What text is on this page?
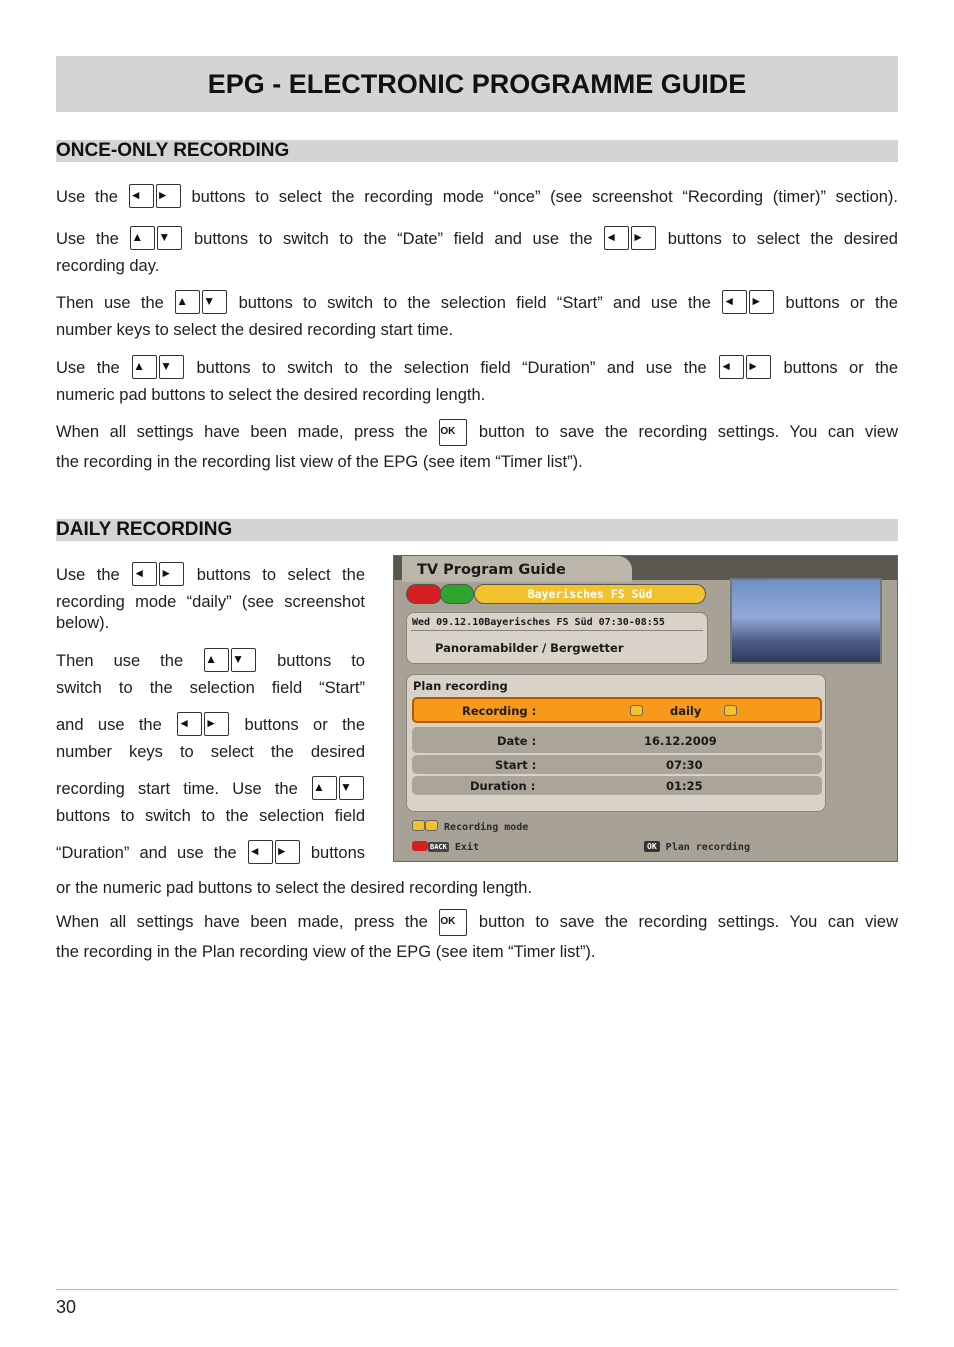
EPG - ELECTRONIC PROGRAMME GUIDE
ONCE-ONLY RECORDING
Use the ◄ ► buttons to select the recording mode “once” (see screenshot “Recording (timer)” section).
Use the ▲ ▼ buttons to switch to the “Date” field and use the ◄ ► buttons to select the desired
recording day.
Then use the ▲ ▼ buttons to switch to the selection field “Start” and use the ◄ ► buttons or the
number keys to select the desired recording start time.
Use the ▲ ▼ buttons to switch to the selection field “Duration” and use the ◄ ► buttons or the
numeric pad buttons to select the desired recording length.
When all settings have been made, press the OK button to save the recording settings. You can view
the recording in the recording list view of the EPG (see item “Timer list”).
DAILY RECORDING
Use the ◄ ► buttons to select the
recording mode “daily” (see screenshot
below).
Then use the ▲ ▼ buttons to
switch to the selection field “Start”
and use the ◄ ► buttons or the
number keys to select the desired
recording start time. Use the ▲ ▼
buttons to switch to the selection field
“Duration” and use the ◄ ► buttons
or the numeric pad buttons to select the desired recording length.
When all settings have been made, press the OK button to save the recording settings. You can view
the recording in the Plan recording view of the EPG (see item “Timer list”).
TV Program Guide
Bayerisches FS Süd
Wed 09.12.10Bayerisches FS Süd 07:30-08:55
Panoramabilder / Bergwetter
Plan recording
Recording :	daily
Date :	16.12.2009
Start :	07:30
Duration :	01:25
Recording mode
BACK Exit	OK Plan recording
30
